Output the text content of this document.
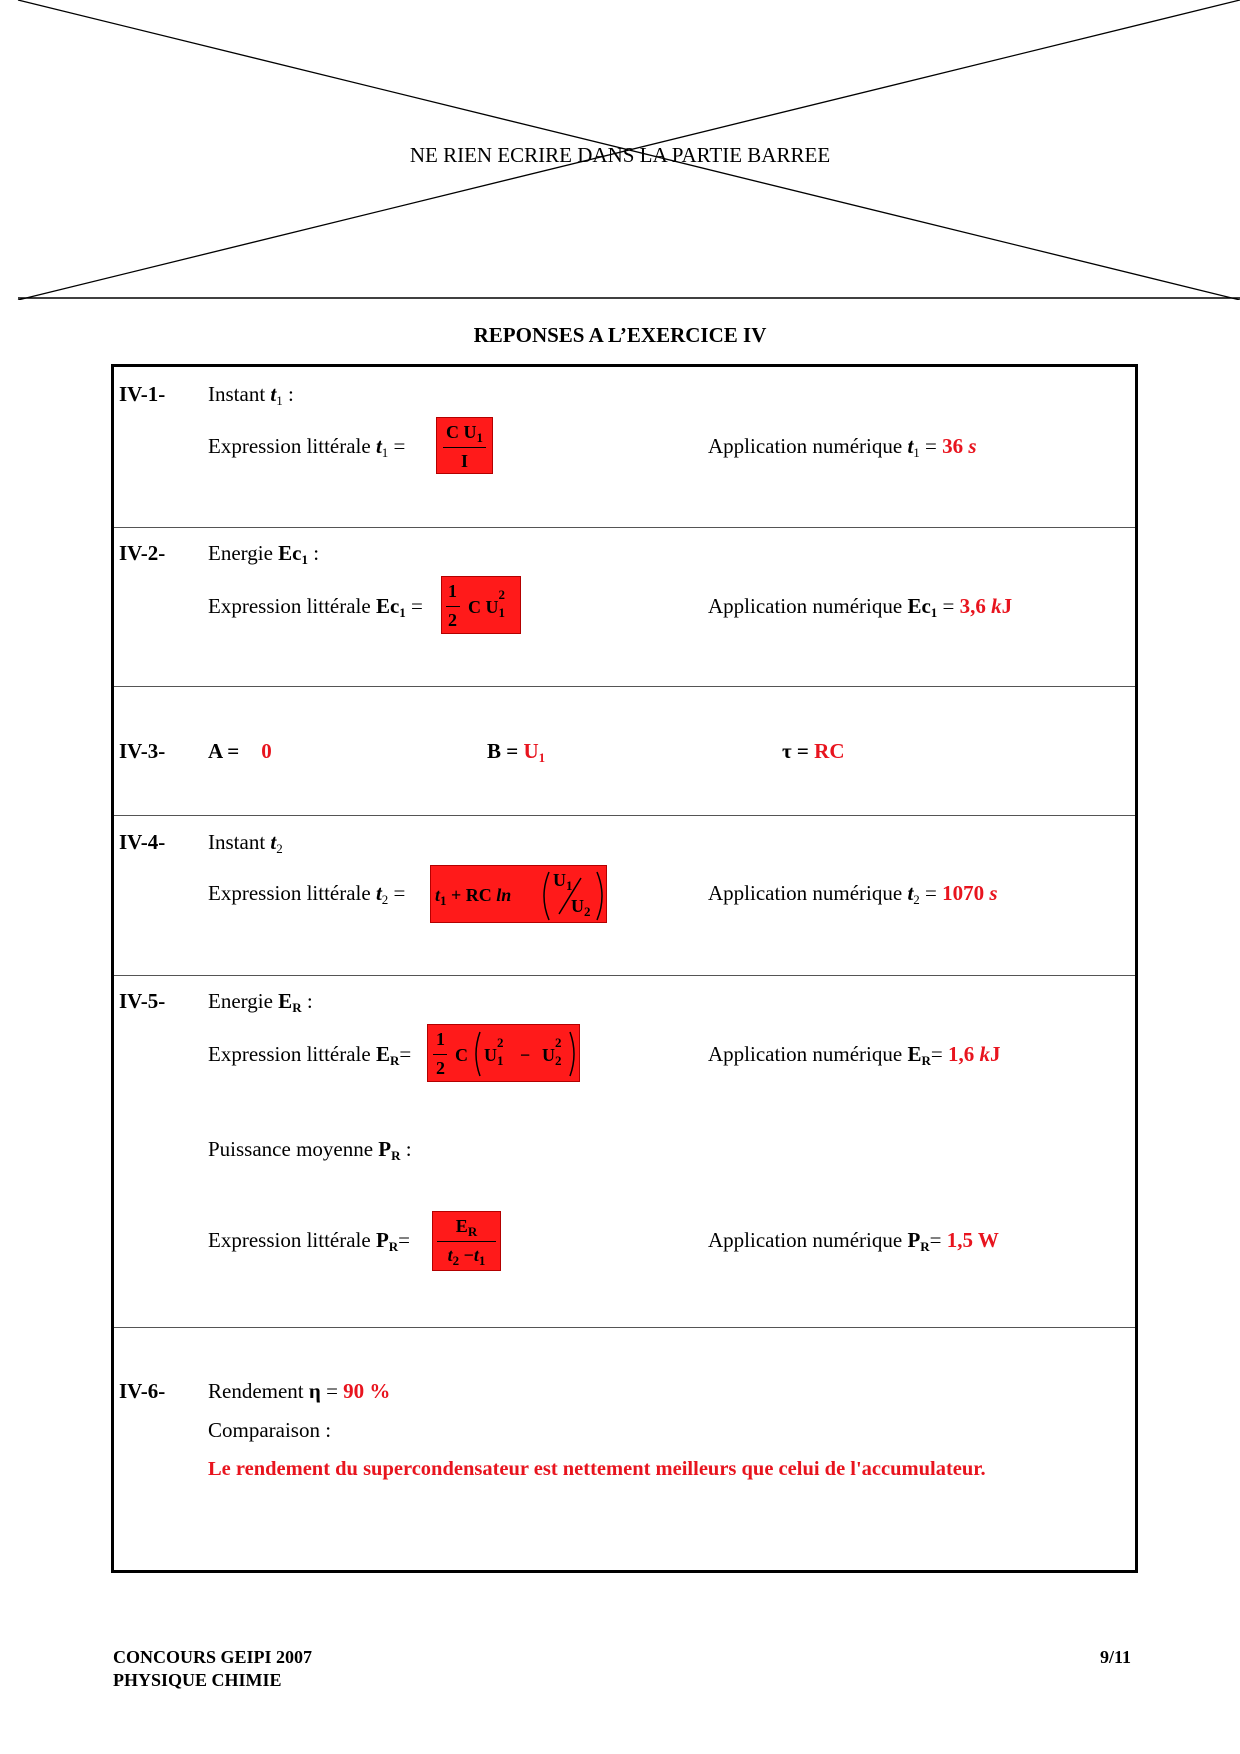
NE RIEN ECRIRE DANS LA PARTIE BARREE
REPONSES A L’EXERCICE IV
IV-1- Instant $t_1$ :
Expression littérale $t_1$ =
C $U_1$
I
Application numérique $t_1 = 36$ s
IV-2- Energie $Ec_1$ :
Expression littérale $Ec_1$ =
1
2
C U
2
$_1$	Application numérique $Ec_1 = 3,6$ kJ
IV-3- A = 0	$B = U_1$	τ = RC
IV-4- Instant $t_2$
Expression littérale $t_2 = t_1$ + RC ln
$U_1$
$U_2$
Application numérique $t_2 = 1070$ s
IV-5- Energie $E_R$ :
Expression littérale $E_R=$
1
2
C U
2
$_1$ − U
2
$_2$	Application numérique $E_R= 1,6$ kJ
Puissance moyenne $P_R$ :
Expression littérale $P_R=$
$E_R$
$t_2 -t_1$
Application numérique $P_R= 1,5$ W
IV-6- Rendement η = 90 %
Comparaison :
Le rendement du supercondensateur est nettement meilleurs que celui de l'accumulateur.
CONCOURS GEIPI 2007
PHYSIQUE CHIMIE
9/11
